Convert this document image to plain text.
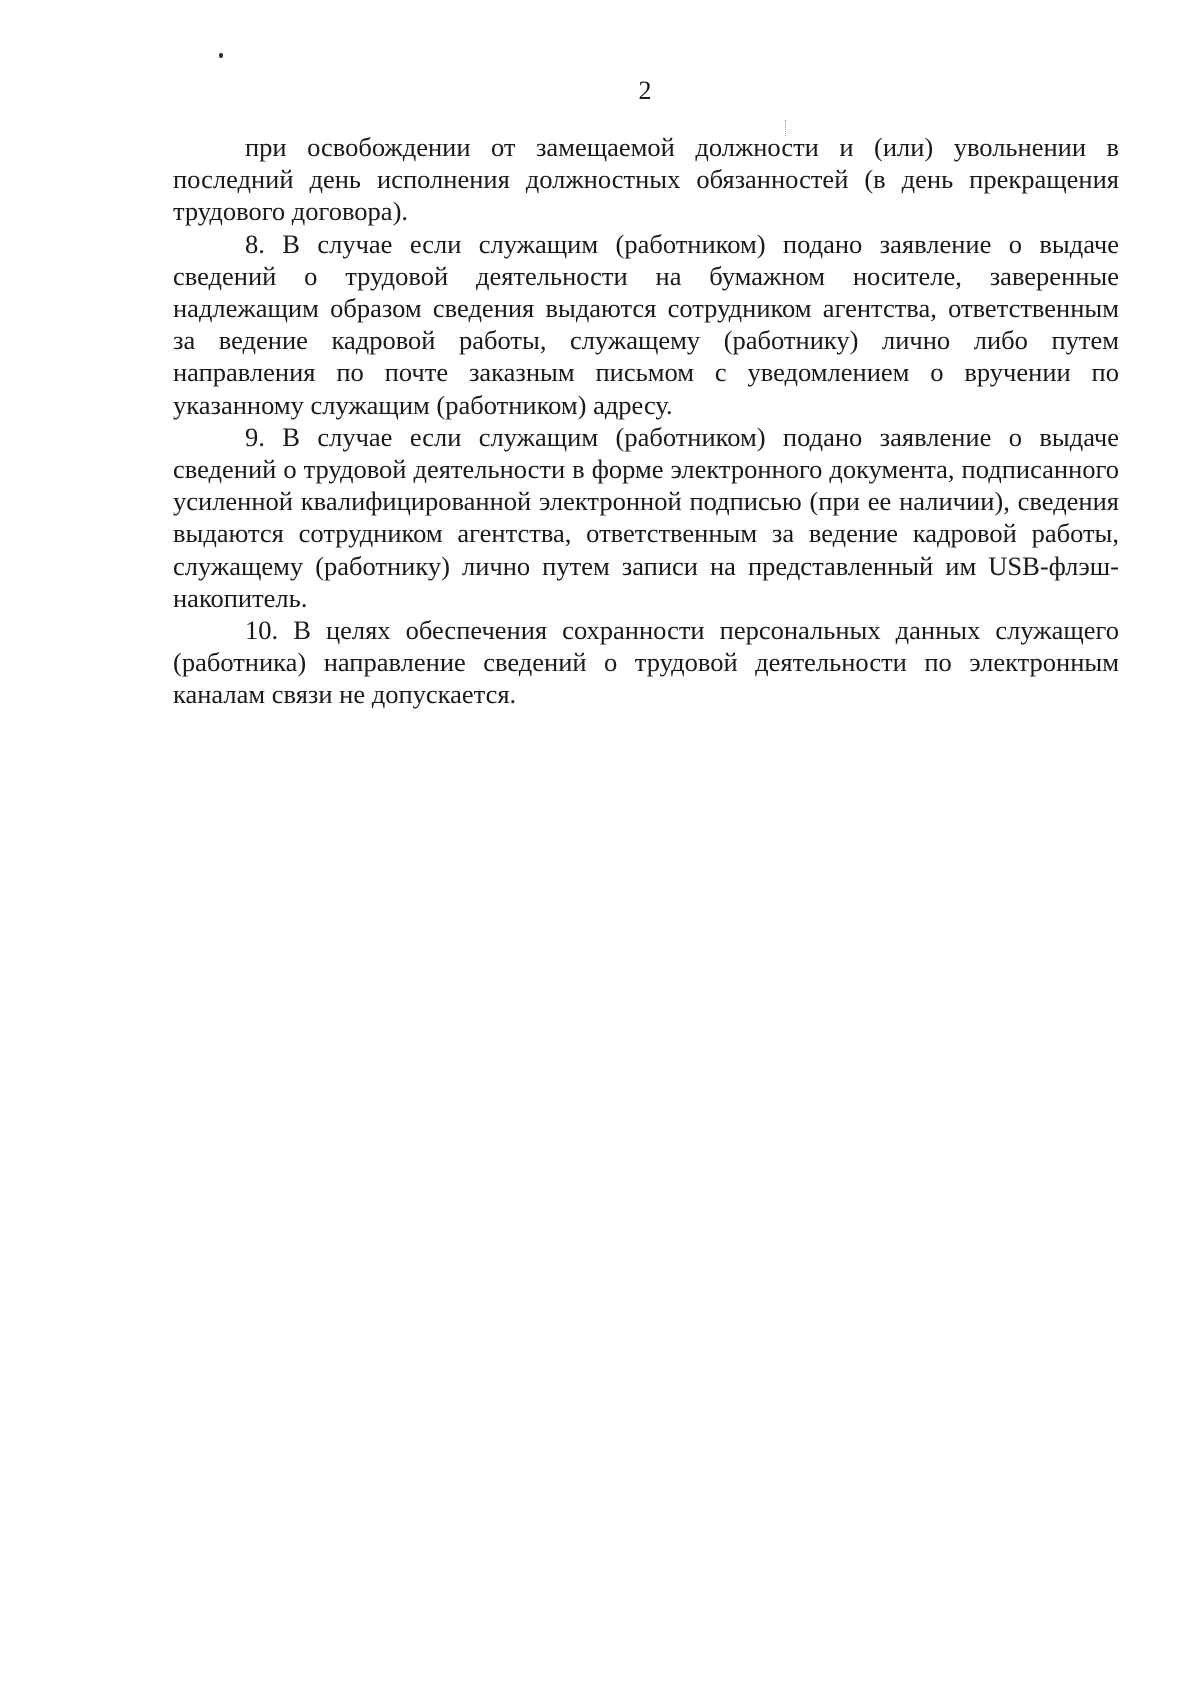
2

при освобождении от замещаемой должности и (или) увольнении в последний день исполнения должностных обязанностей (в день прекращения трудового договора).

8. В случае если служащим (работником) подано заявление о выдаче сведений о трудовой деятельности на бумажном носителе, заверенные надлежащим образом сведения выдаются сотрудником агентства, ответственным за ведение кадровой работы, служащему (работнику) лично либо путем направления по почте заказным письмом с уведомлением о вручении по указанному служащим (работником) адресу.

9. В случае если служащим (работником) подано заявление о выдаче сведений о трудовой деятельности в форме электронного документа, подписанного усиленной квалифицированной электронной подписью (при ее наличии), сведения выдаются сотрудником агентства, ответственным за ведение кадровой работы, служащему (работнику) лично путем записи на представленный им USB-флэш-накопитель.

10. В целях обеспечения сохранности персональных данных служащего (работника) направление сведений о трудовой деятельности по электронным каналам связи не допускается.
